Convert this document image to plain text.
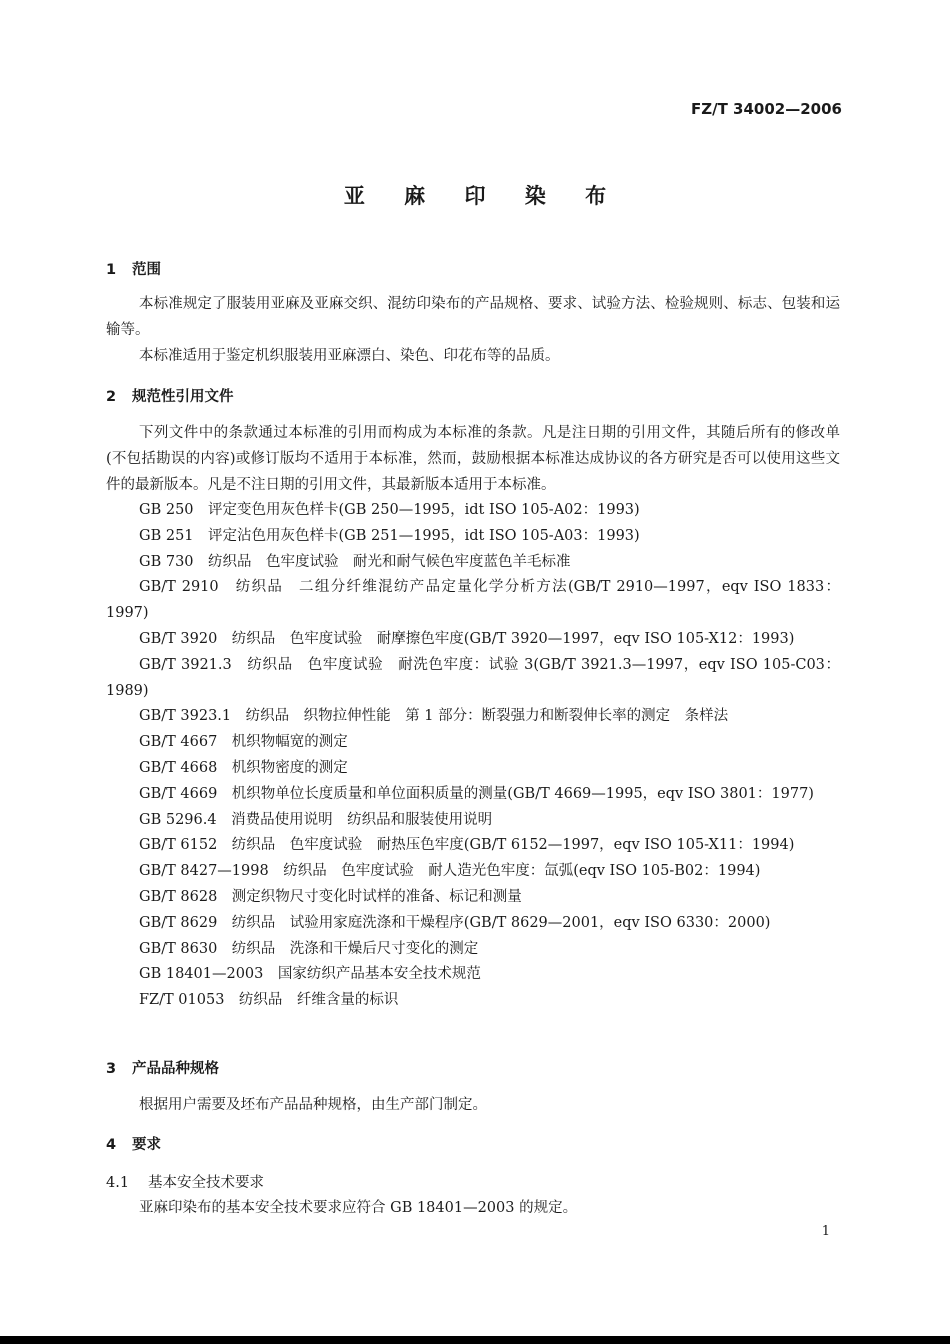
FZ/T 34002—2006
亚 麻 印 染 布
1 范围
本标准规定了服装用亚麻及亚麻交织、混纺印染布的产品规格、要求、试验方法、检验规则、标志、包装和运输等。
本标准适用于鉴定机织服装用亚麻漂白、染色、印花布等的品质。
2 规范性引用文件
下列文件中的条款通过本标准的引用而构成为本标准的条款。凡是注日期的引用文件，其随后所有的修改单(不包括勘误的内容)或修订版均不适用于本标准，然而，鼓励根据本标准达成协议的各方研究是否可以使用这些文件的最新版本。凡是不注日期的引用文件，其最新版本适用于本标准。
GB 250　评定变色用灰色样卡(GB 250—1995，idt ISO 105-A02：1993)
GB 251　评定沾色用灰色样卡(GB 251—1995，idt ISO 105-A03：1993)
GB 730　纺织品　色牢度试验　耐光和耐气候色牢度蓝色羊毛标准
GB/T 2910　纺织品　二组分纤维混纺产品定量化学分析方法(GB/T 2910—1997，eqv ISO 1833：1997)
GB/T 3920　纺织品　色牢度试验　耐摩擦色牢度(GB/T 3920—1997，eqv ISO 105-X12：1993)
GB/T 3921.3　纺织品　色牢度试验　耐洗色牢度：试验 3(GB/T 3921.3—1997，eqv ISO 105-C03：1989)
GB/T 3923.1　纺织品　织物拉伸性能　第 1 部分：断裂强力和断裂伸长率的测定　条样法
GB/T 4667　机织物幅宽的测定
GB/T 4668　机织物密度的测定
GB/T 4669　机织物单位长度质量和单位面积质量的测量(GB/T 4669—1995，eqv ISO 3801：1977)
GB 5296.4　消费品使用说明　纺织品和服装使用说明
GB/T 6152　纺织品　色牢度试验　耐热压色牢度(GB/T 6152—1997，eqv ISO 105-X11：1994)
GB/T 8427—1998　纺织品　色牢度试验　耐人造光色牢度：氙弧(eqv ISO 105-B02：1994)
GB/T 8628　测定织物尺寸变化时试样的准备、标记和测量
GB/T 8629　纺织品　试验用家庭洗涤和干燥程序(GB/T 8629—2001，eqv ISO 6330：2000)
GB/T 8630　纺织品　洗涤和干燥后尺寸变化的测定
GB 18401—2003　国家纺织产品基本安全技术规范
FZ/T 01053　纺织品　纤维含量的标识
3 产品品种规格
根据用户需要及坯布产品品种规格，由生产部门制定。
4 要求
4.1 基本安全技术要求
亚麻印染布的基本安全技术要求应符合 GB 18401—2003 的规定。
1
